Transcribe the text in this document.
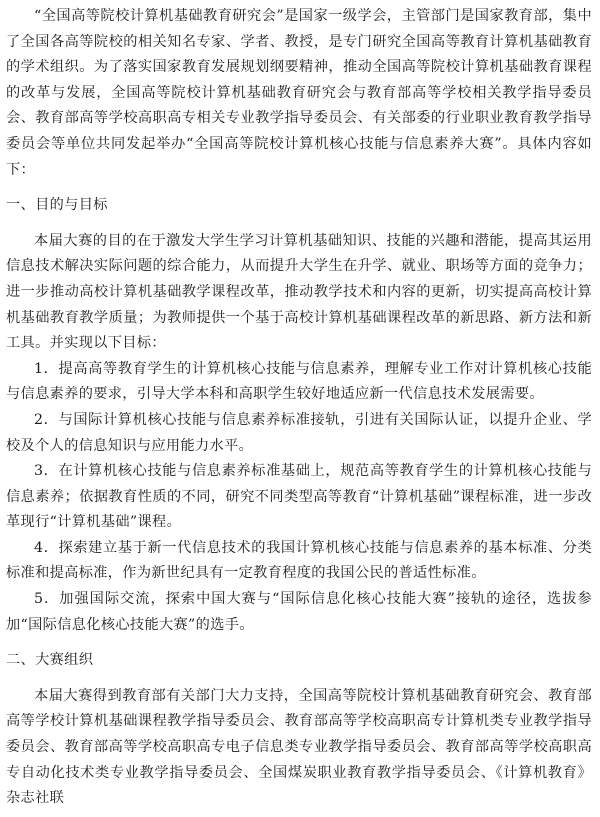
“全国高等院校计算机基础教育研究会”是国家一级学会，主管部门是国家教育部，集中了全国各高等院校的相关知名专家、学者、教授，是专门研究全国高等教育计算机基础教育的学术组织。为了落实国家教育发展规划纲要精神，推动全国高等院校计算机基础教育课程的改革与发展，全国高等院校计算机基础教育研究会与教育部高等学校相关教学指导委员会、教育部高等学校高职高专相关专业教学指导委员会、有关部委的行业职业教育教学指导委员会等单位共同发起举办“全国高等院校计算机核心技能与信息素养大赛”。具体内容如下：

一、目的与目标

本届大赛的目的在于激发大学生学习计算机基础知识、技能的兴趣和潜能，提高其运用信息技术解决实际问题的综合能力，从而提升大学生在升学、就业、职场等方面的竞争力；进一步推动高校计算机基础教学课程改革，推动教学技术和内容的更新，切实提高高校计算机基础教育教学质量；为教师提供一个基于高校计算机基础课程改革的新思路、新方法和新工具。并实现以下目标：

1．提高高等教育学生的计算机核心技能与信息素养，理解专业工作对计算机核心技能与信息素养的要求，引导大学本科和高职学生较好地适应新一代信息技术发展需要。

2．与国际计算机核心技能与信息素养标准接轨，引进有关国际认证，以提升企业、学校及个人的信息知识与应用能力水平。

3．在计算机核心技能与信息素养标准基础上，规范高等教育学生的计算机核心技能与信息素养；依据教育性质的不同，研究不同类型高等教育“计算机基础”课程标准，进一步改革现行“计算机基础”课程。

4．探索建立基于新一代信息技术的我国计算机核心技能与信息素养的基本标准、分类标准和提高标准，作为新世纪具有一定教育程度的我国公民的普适性标准。

5．加强国际交流，探索中国大赛与“国际信息化核心技能大赛”接轨的途径，选拔参加“国际信息化核心技能大赛”的选手。

二、大赛组织

本届大赛得到教育部有关部门大力支持，全国高等院校计算机基础教育研究会、教育部高等学校计算机基础课程教学指导委员会、教育部高等学校高职高专计算机类专业教学指导委员会、教育部高等学校高职高专电子信息类专业教学指导委员会、教育部高等学校高职高专自动化技术类专业教学指导委员会、全国煤炭职业教育教学指导委员会、《计算机教育》杂志社联
